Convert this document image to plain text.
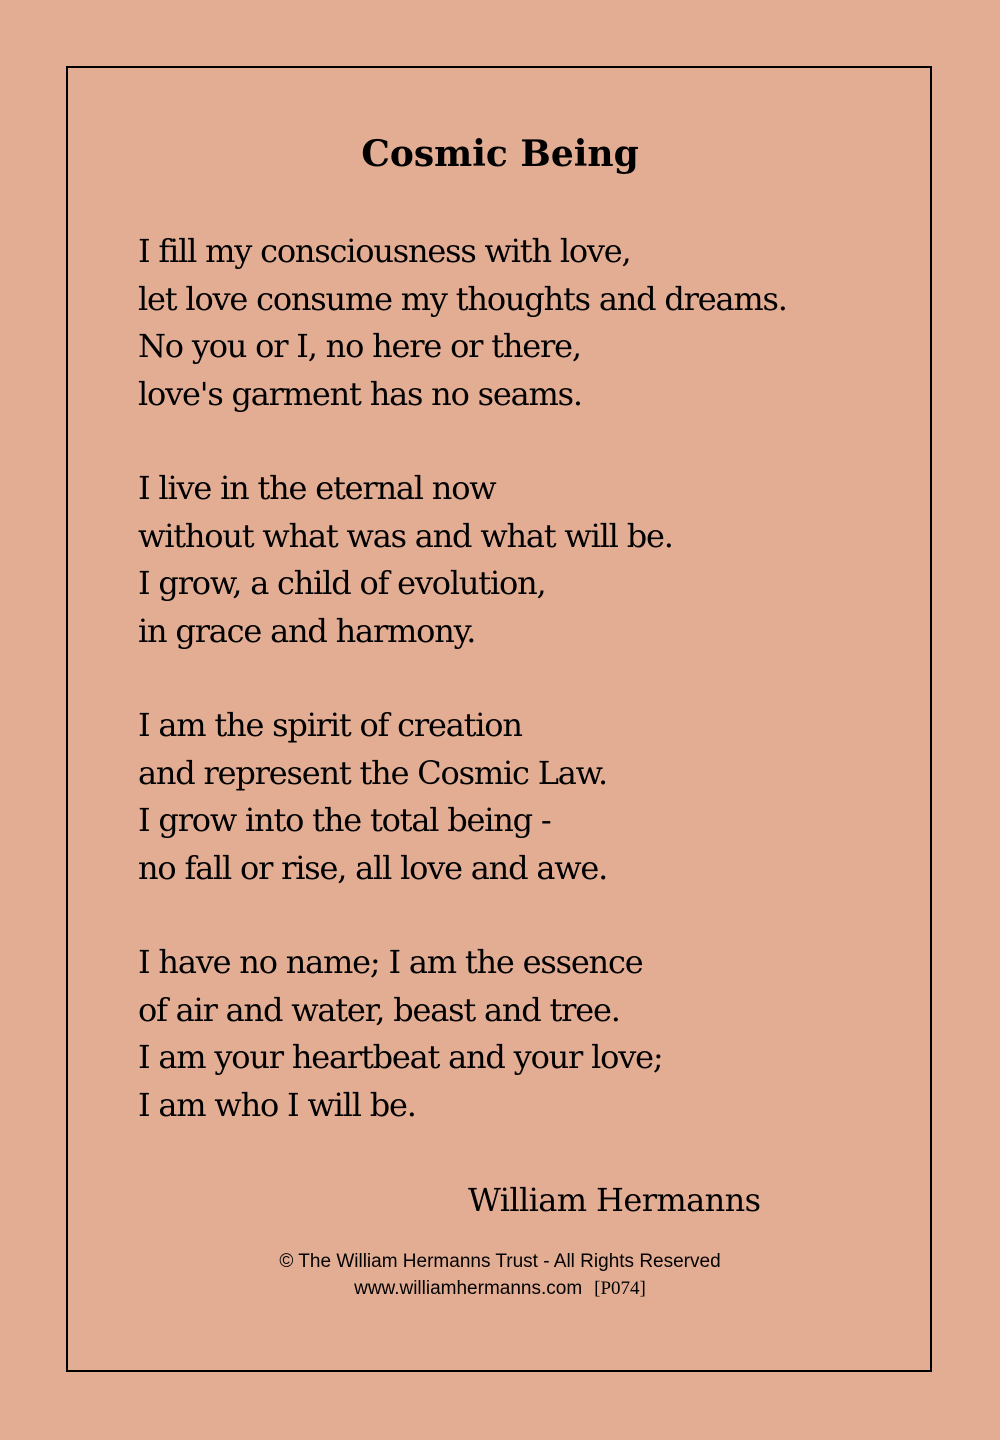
Cosmic Being
I fill my consciousness with love,
let love consume my thoughts and dreams.
No you or I, no here or there,
love's garment has no seams.
I live in the eternal now
without what was and what will be.
I grow, a child of evolution,
in grace and harmony.
I am the spirit of creation
and represent the Cosmic Law.
I grow into the total being -
no fall or rise, all love and awe.
I have no name; I am the essence
of air and water, beast and tree.
I am your heartbeat and your love;
I am who I will be.
William Hermanns
© The William Hermanns Trust - All Rights Reserved
www.williamhermanns.com [P074]
